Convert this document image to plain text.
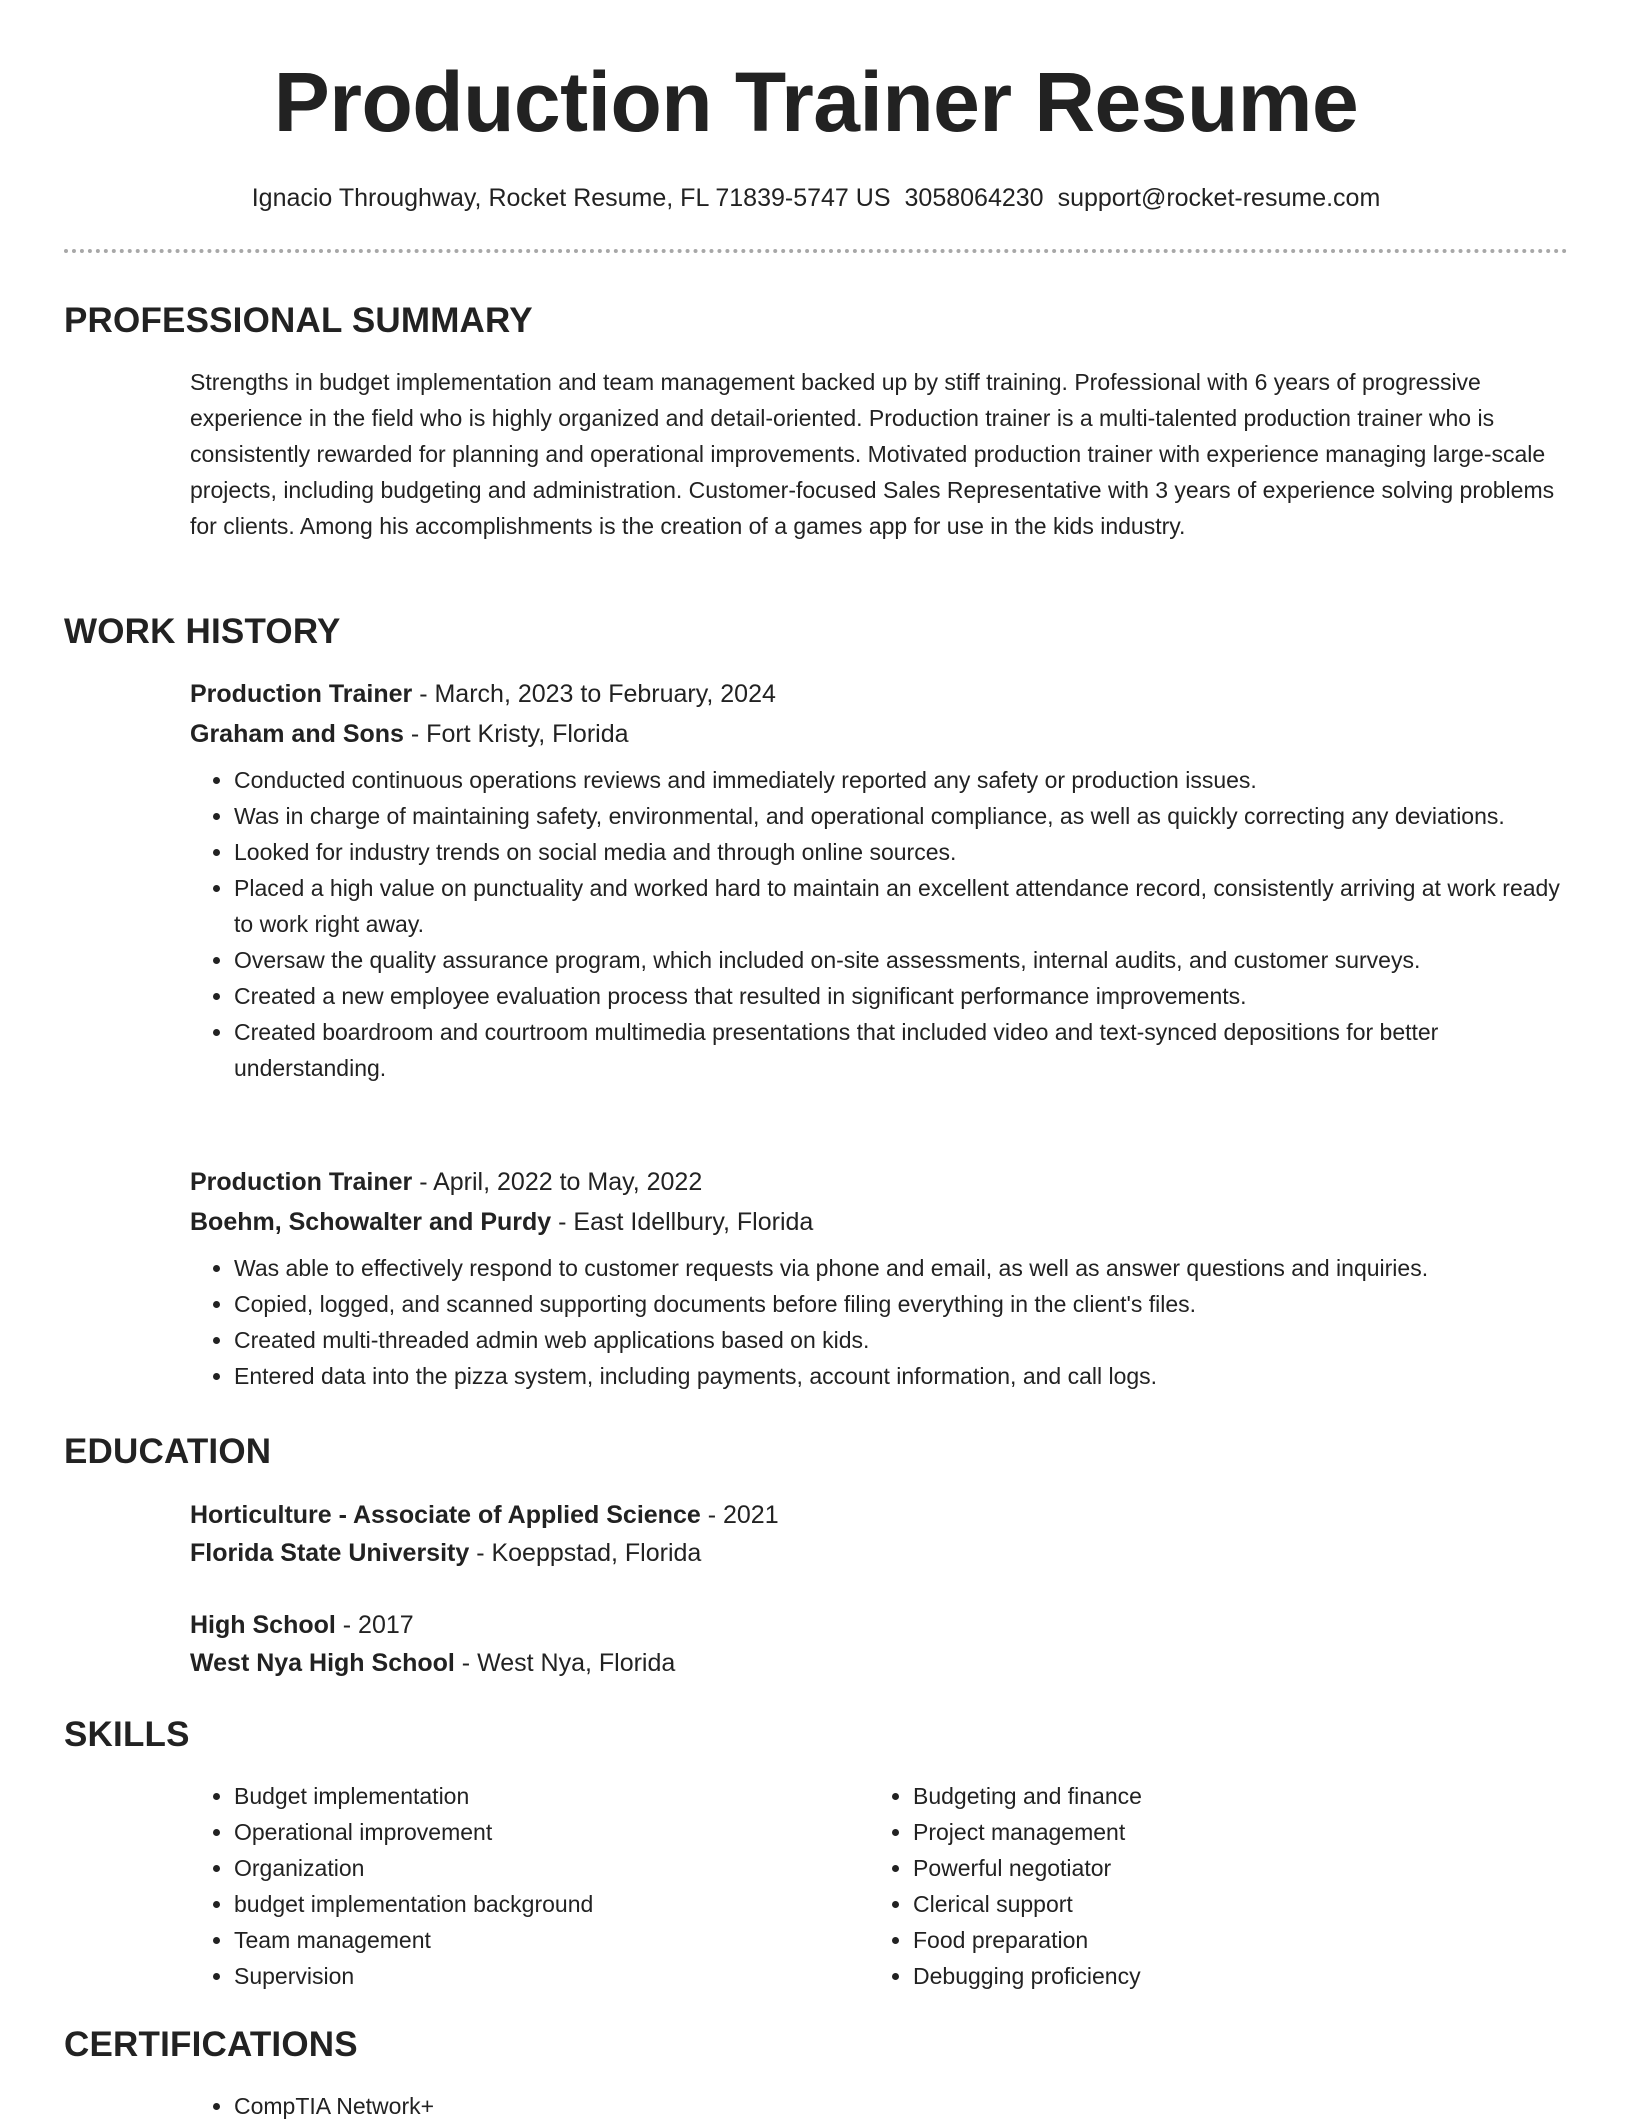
Production Trainer Resume
Ignacio Throughway, Rocket Resume, FL 71839-5747 US 3058064230 support@rocket-resume.com
PROFESSIONAL SUMMARY

Strengths in budget implementation and team management backed up by stiff training. Professional with 6 years of progressive experience in the field who is highly organized and detail-oriented. Production trainer is a multi-talented production trainer who is consistently rewarded for planning and operational improvements. Motivated production trainer with experience managing large-scale projects, including budgeting and administration. Customer-focused Sales Representative with 3 years of experience solving problems for clients. Among his accomplishments is the creation of a games app for use in the kids industry.

WORK HISTORY

Production Trainer - March, 2023 to February, 2024

Graham and Sons - Fort Kristy, Florida

• Conducted continuous operations reviews and immediately reported any safety or production issues.
• Was in charge of maintaining safety, environmental, and operational compliance, as well as quickly correcting any deviations.
• Looked for industry trends on social media and through online sources.
• Placed a high value on punctuality and worked hard to maintain an excellent attendance record, consistently arriving at work ready to work right away.
• Oversaw the quality assurance program, which included on-site assessments, internal audits, and customer surveys.
• Created a new employee evaluation process that resulted in significant performance improvements.
• Created boardroom and courtroom multimedia presentations that included video and text-synced depositions for better understanding.

Production Trainer - April, 2022 to May, 2022

Boehm, Schowalter and Purdy - East Idellbury, Florida

• Was able to effectively respond to customer requests via phone and email, as well as answer questions and inquiries.
• Copied, logged, and scanned supporting documents before filing everything in the client's files.
• Created multi-threaded admin web applications based on kids.
• Entered data into the pizza system, including payments, account information, and call logs.
EDUCATION

Horticulture - Associate of Applied Science - 2021

Florida State University - Koeppstad, Florida

High School - 2017

West Nya High School - West Nya, Florida

SKILLS
• Budget implementation
• Operational improvement
• Organization
• budget implementation background
• Team management
• Supervision
• Budgeting and finance
• Project management
• Powerful negotiator
• Clerical support
• Food preparation
• Debugging proficiency
CERTIFICATIONS
• CompTIA Network+
